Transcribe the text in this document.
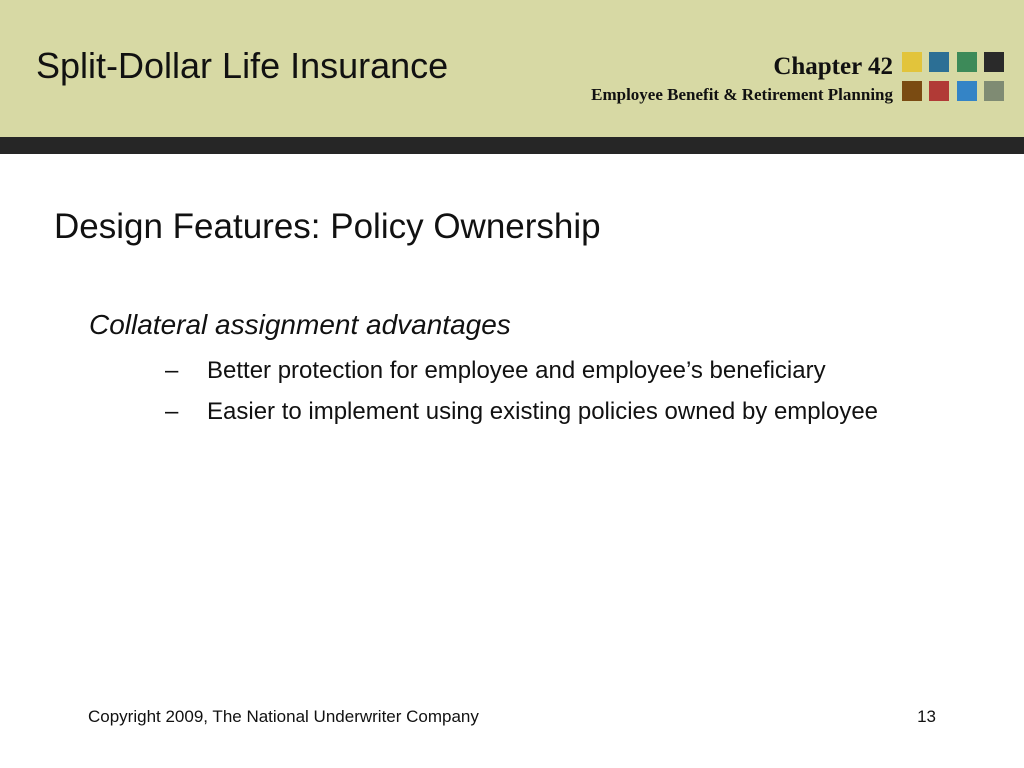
Split-Dollar Life Insurance	Chapter 42
Employee Benefit & Retirement Planning
Design Features: Policy Ownership
Collateral assignment advantages
– Better protection for employee and employee’s beneficiary
– Easier to implement using existing policies owned by employee
Copyright 2009, The National Underwriter Company	13
